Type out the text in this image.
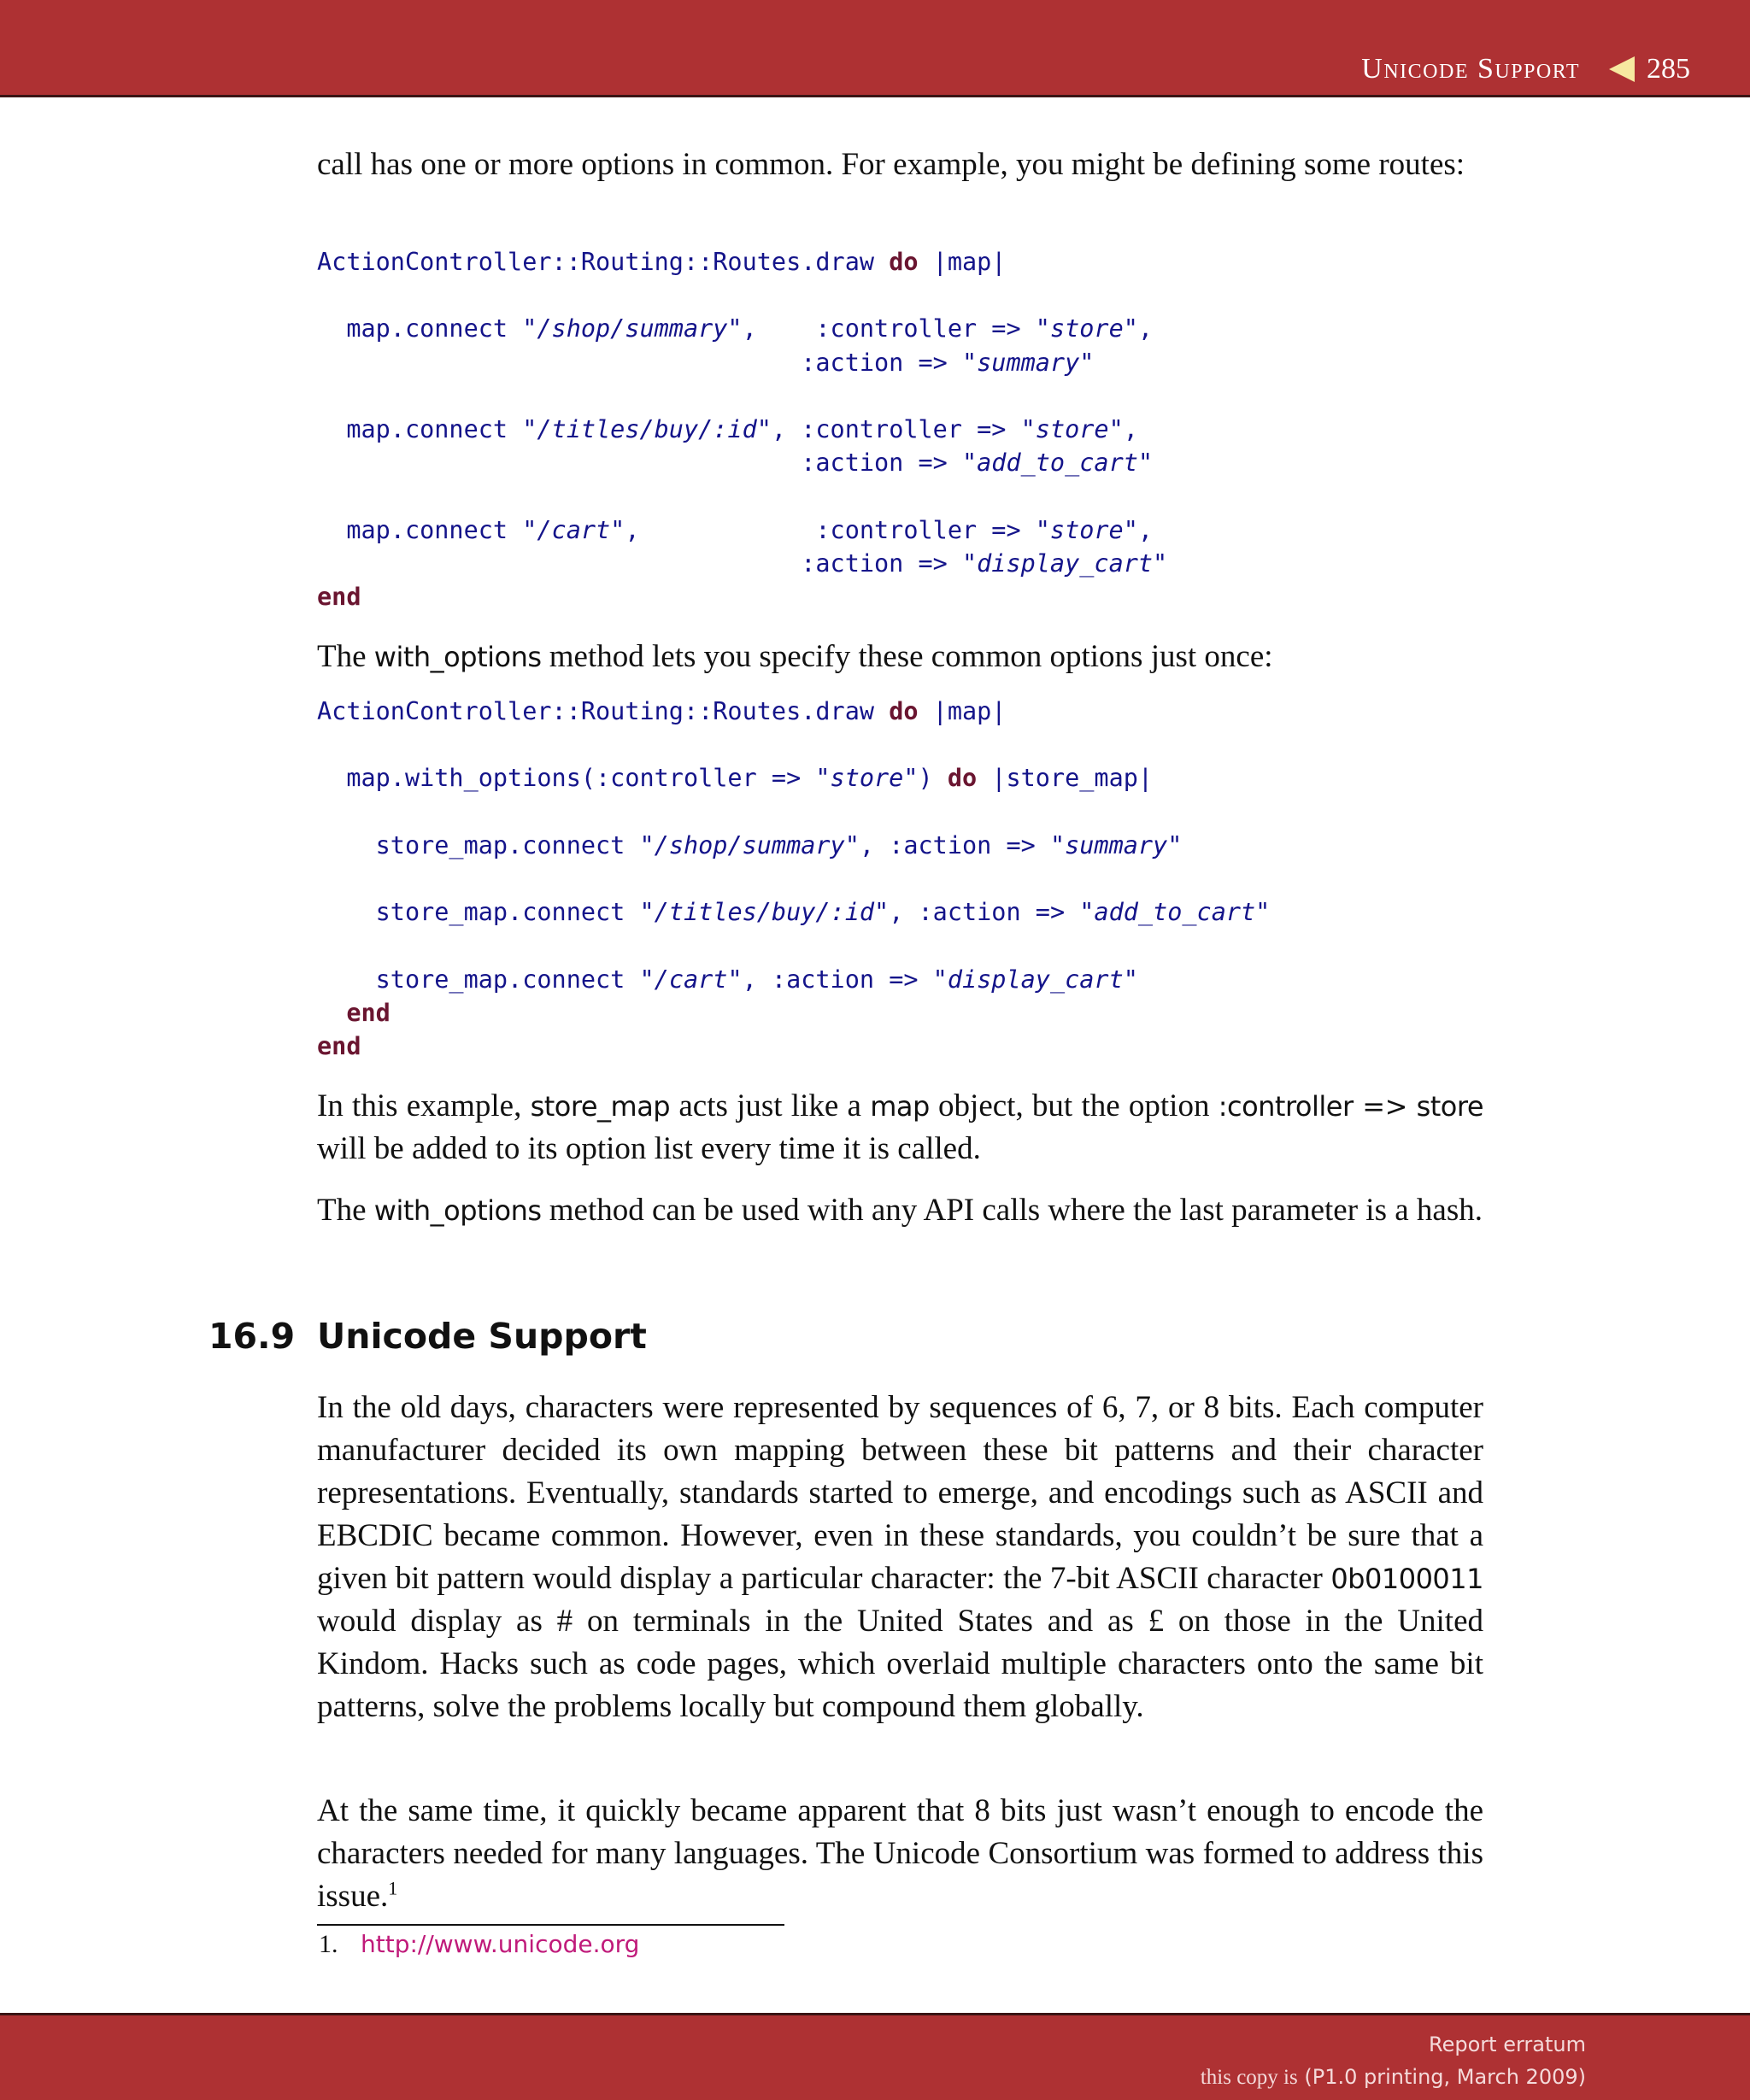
Unicode Support 285

call has one or more options in common. For example, you might be defining some routes:

ActionController::Routing::Routes.draw do |map|

map.connect "/shop/summary",    :controller => "store",
:action => "summary"

map.connect "/titles/buy/:id", :controller => "store",
:action => "add_to_cart"

map.connect "/cart",            :controller => "store",
:action => "display_cart"
end

The with_options method lets you specify these common options just once:

ActionController::Routing::Routes.draw do |map|

map.with_options(:controller => "store") do |store_map|

store_map.connect "/shop/summary", :action => "summary"

store_map.connect "/titles/buy/:id", :action => "add_to_cart"

store_map.connect "/cart", :action => "display_cart"
end
end

In this example, store_map acts just like a map object, but the option :controller => store will be added to its option list every time it is called.

The with_options method can be used with any API calls where the last parameter is a hash.

16.9 Unicode Support

In the old days, characters were represented by sequences of 6, 7, or 8 bits. Each computer manufacturer decided its own mapping between these bit patterns and their character representations. Eventually, standards started to emerge, and encodings such as ASCII and EBCDIC became common. However, even in these standards, you couldn’t be sure that a given bit pattern would display a particular character: the 7-bit ASCII character 0b0100011 would display as # on terminals in the United States and as £ on those in the United Kindom. Hacks such as code pages, which overlaid multiple characters onto the same bit patterns, solve the problems locally but compound them globally.

At the same time, it quickly became apparent that 8 bits just wasn’t enough to encode the characters needed for many languages. The Unicode Consortium was formed to address this issue.$^1$

1. http://www.unicode.org
Report erratum
this copy is (P1.0 printing, March 2009)
